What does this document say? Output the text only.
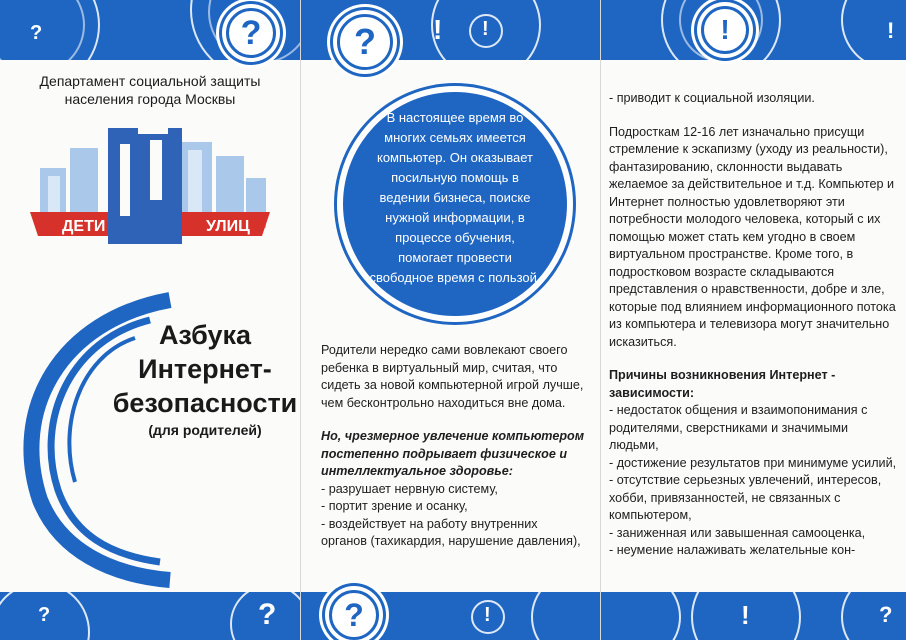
?	?
Департамент социальной защиты населения города Москвы
ДЕТИ	УЛИЦ
Азбука
Интернет-
безопасности
(для родителей)
?	?
! !
?
В настоящее время во многих семьях имеется компьютер. Он оказывает посильную помощь в ведении бизнеса, поиске нужной информации, в процессе обучения, помогает провести свободное время с пользой.
Родители нередко сами вовлекают своего ребенка в виртуальный мир, считая, что сидеть за новой компьютерной игрой лучше, чем бесконтрольно находиться вне дома.
Но, чрезмерное увлечение компьютером постепенно подрывает физическое и интеллектуальное здоровье:
- разрушает нервную систему,
- портит зрение и осанку,
- воздействует на работу внутренних органов (тахикардия, нарушение давления),
!
?
!
!
- приводит к социальной изоляции.
Подросткам 12-16 лет изначально присущи стремление к эскапизму (уходу из реальности), фантазированию, склонности выдавать желаемое за действительное и т.д. Компьютер и Интернет полностью удовлетворяют эти потребности молодого человека, который с их помощью может стать кем угодно в своем виртуальном пространстве. Кроме того, в подростковом возрасте складываются представления о нравственности, добре и зле, которые под влиянием информационного потока из компьютера и телевизора могут значительно исказиться.
Причины возникновения Интернет - зависимости:
- недостаток общения и взаимопонимания с родителями, сверстниками и значимыми людьми,
- достижение результатов при минимуме усилий,
- отсутствие серьезных увлечений, интересов, хобби, привязанностей, не связанных с компьютером,
- заниженная или завышенная самооценка,
- неумение налаживать желательные кон-
!	?
